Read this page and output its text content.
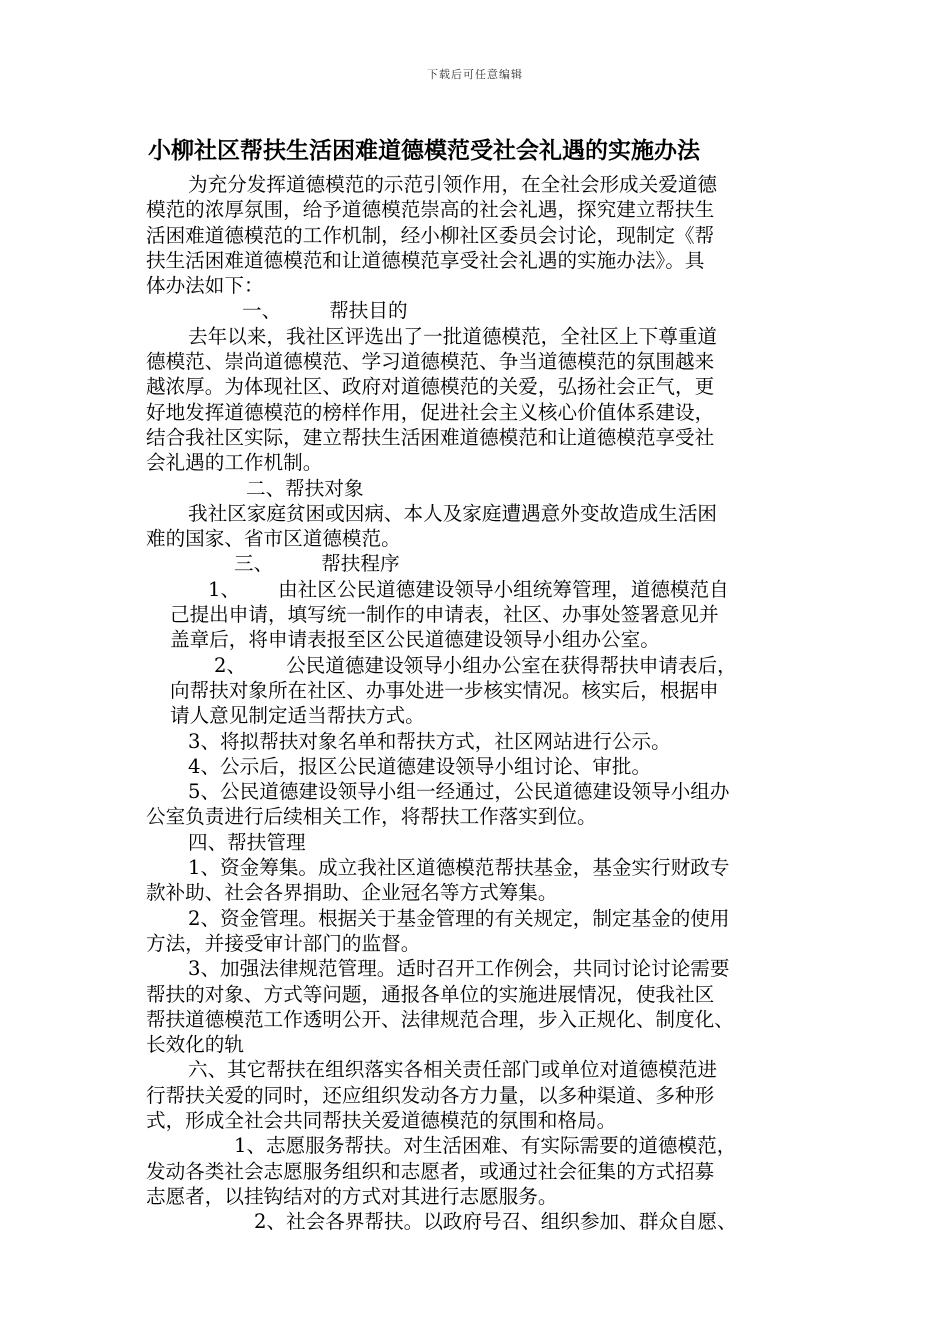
下载后可任意编辑
小柳社区帮扶生活困难道德模范受社会礼遇的实施办法
为充分发挥道德模范的示范引领作用，在全社会形成关爱道德
模范的浓厚氛围，给予道德模范崇高的社会礼遇，探究建立帮扶生
活困难道德模范的工作机制，经小柳社区委员会讨论，现制定《帮
扶生活困难道德模范和让道德模范享受社会礼遇的实施办法》。具
体办法如下：
一、 帮扶目的
去年以来，我社区评选出了一批道德模范，全社区上下尊重道
德模范、崇尚道德模范、学习道德模范、争当道德模范的氛围越来
越浓厚。为体现社区、政府对道德模范的关爱，弘扬社会正气，更
好地发挥道德模范的榜样作用，促进社会主义核心价值体系建设，
结合我社区实际，建立帮扶生活困难道德模范和让道德模范享受社
会礼遇的工作机制。
二、帮扶对象
我社区家庭贫困或因病、本人及家庭遭遇意外变故造成生活困
难的国家、省市区道德模范。
三、 帮扶程序
1、 由社区公民道德建设领导小组统筹管理，道德模范自
己提出申请，填写统一制作的申请表，社区、办事处签署意见并
盖章后，将申请表报至区公民道德建设领导小组办公室。
2、 公民道德建设领导小组办公室在获得帮扶申请表后，
向帮扶对象所在社区、办事处进一步核实情况。核实后，根据申
请人意见制定适当帮扶方式。
3、将拟帮扶对象名单和帮扶方式，社区网站进行公示。
4、公示后，报区公民道德建设领导小组讨论、审批。
5、公民道德建设领导小组一经通过，公民道德建设领导小组办
公室负责进行后续相关工作，将帮扶工作落实到位。
四、帮扶管理
1、资金筹集。成立我社区道德模范帮扶基金，基金实行财政专
款补助、社会各界捐助、企业冠名等方式筹集。
2、资金管理。根据关于基金管理的有关规定，制定基金的使用
方法，并接受审计部门的监督。
3、加强法律规范管理。适时召开工作例会，共同讨论讨论需要
帮扶的对象、方式等问题，通报各单位的实施进展情况，使我社区
帮扶道德模范工作透明公开、法律规范合理，步入正规化、制度化、
长效化的轨
六、其它帮扶在组织落实各相关责任部门或单位对道德模范进
行帮扶关爱的同时，还应组织发动各方力量，以多种渠道、多种形
式，形成全社会共同帮扶关爱道德模范的氛围和格局。
1、志愿服务帮扶。对生活困难、有实际需要的道德模范，
发动各类社会志愿服务组织和志愿者，或通过社会征集的方式招募
志愿者，以挂钩结对的方式对其进行志愿服务。
2、社会各界帮扶。以政府号召、组织参加、群众自愿、
